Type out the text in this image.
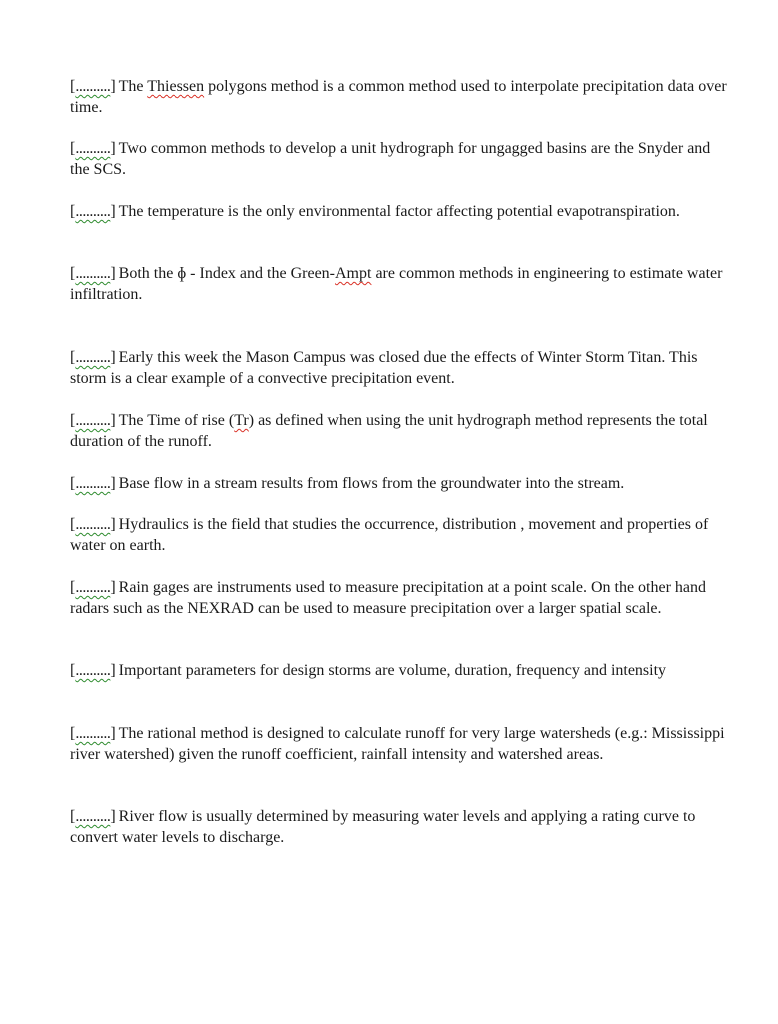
[..........] The Thiessen polygons method is a common method used to interpolate precipitation data over time.

[..........] Two common methods to develop a unit hydrograph for ungagged basins are the Snyder and the SCS.

[..........] The temperature is the only environmental factor affecting potential evapotranspiration.

[..........] Both the ɸ - Index and the Green-Ampt are common methods in engineering to estimate water infiltration.

[..........] Early this week the Mason Campus was closed due the effects of Winter Storm Titan. This storm is a clear example of a convective precipitation event.

[..........] The Time of rise (Tr) as defined when using the unit hydrograph method represents the total duration of the runoff.

[..........] Base flow in a stream results from flows from the groundwater into the stream.

[..........] Hydraulics is the field that studies the occurrence, distribution , movement and properties of water on earth.

[..........] Rain gages are instruments used to measure precipitation at a point scale. On the other hand radars such as the NEXRAD can be used to measure precipitation over a larger spatial scale.

[..........] Important parameters for design storms are volume, duration, frequency and intensity

[..........] The rational method is designed to calculate runoff for very large watersheds (e.g.: Mississippi river watershed) given the runoff coefficient, rainfall intensity and watershed areas.

[..........] River flow is usually determined by measuring water levels and applying a rating curve to convert water levels to discharge.
